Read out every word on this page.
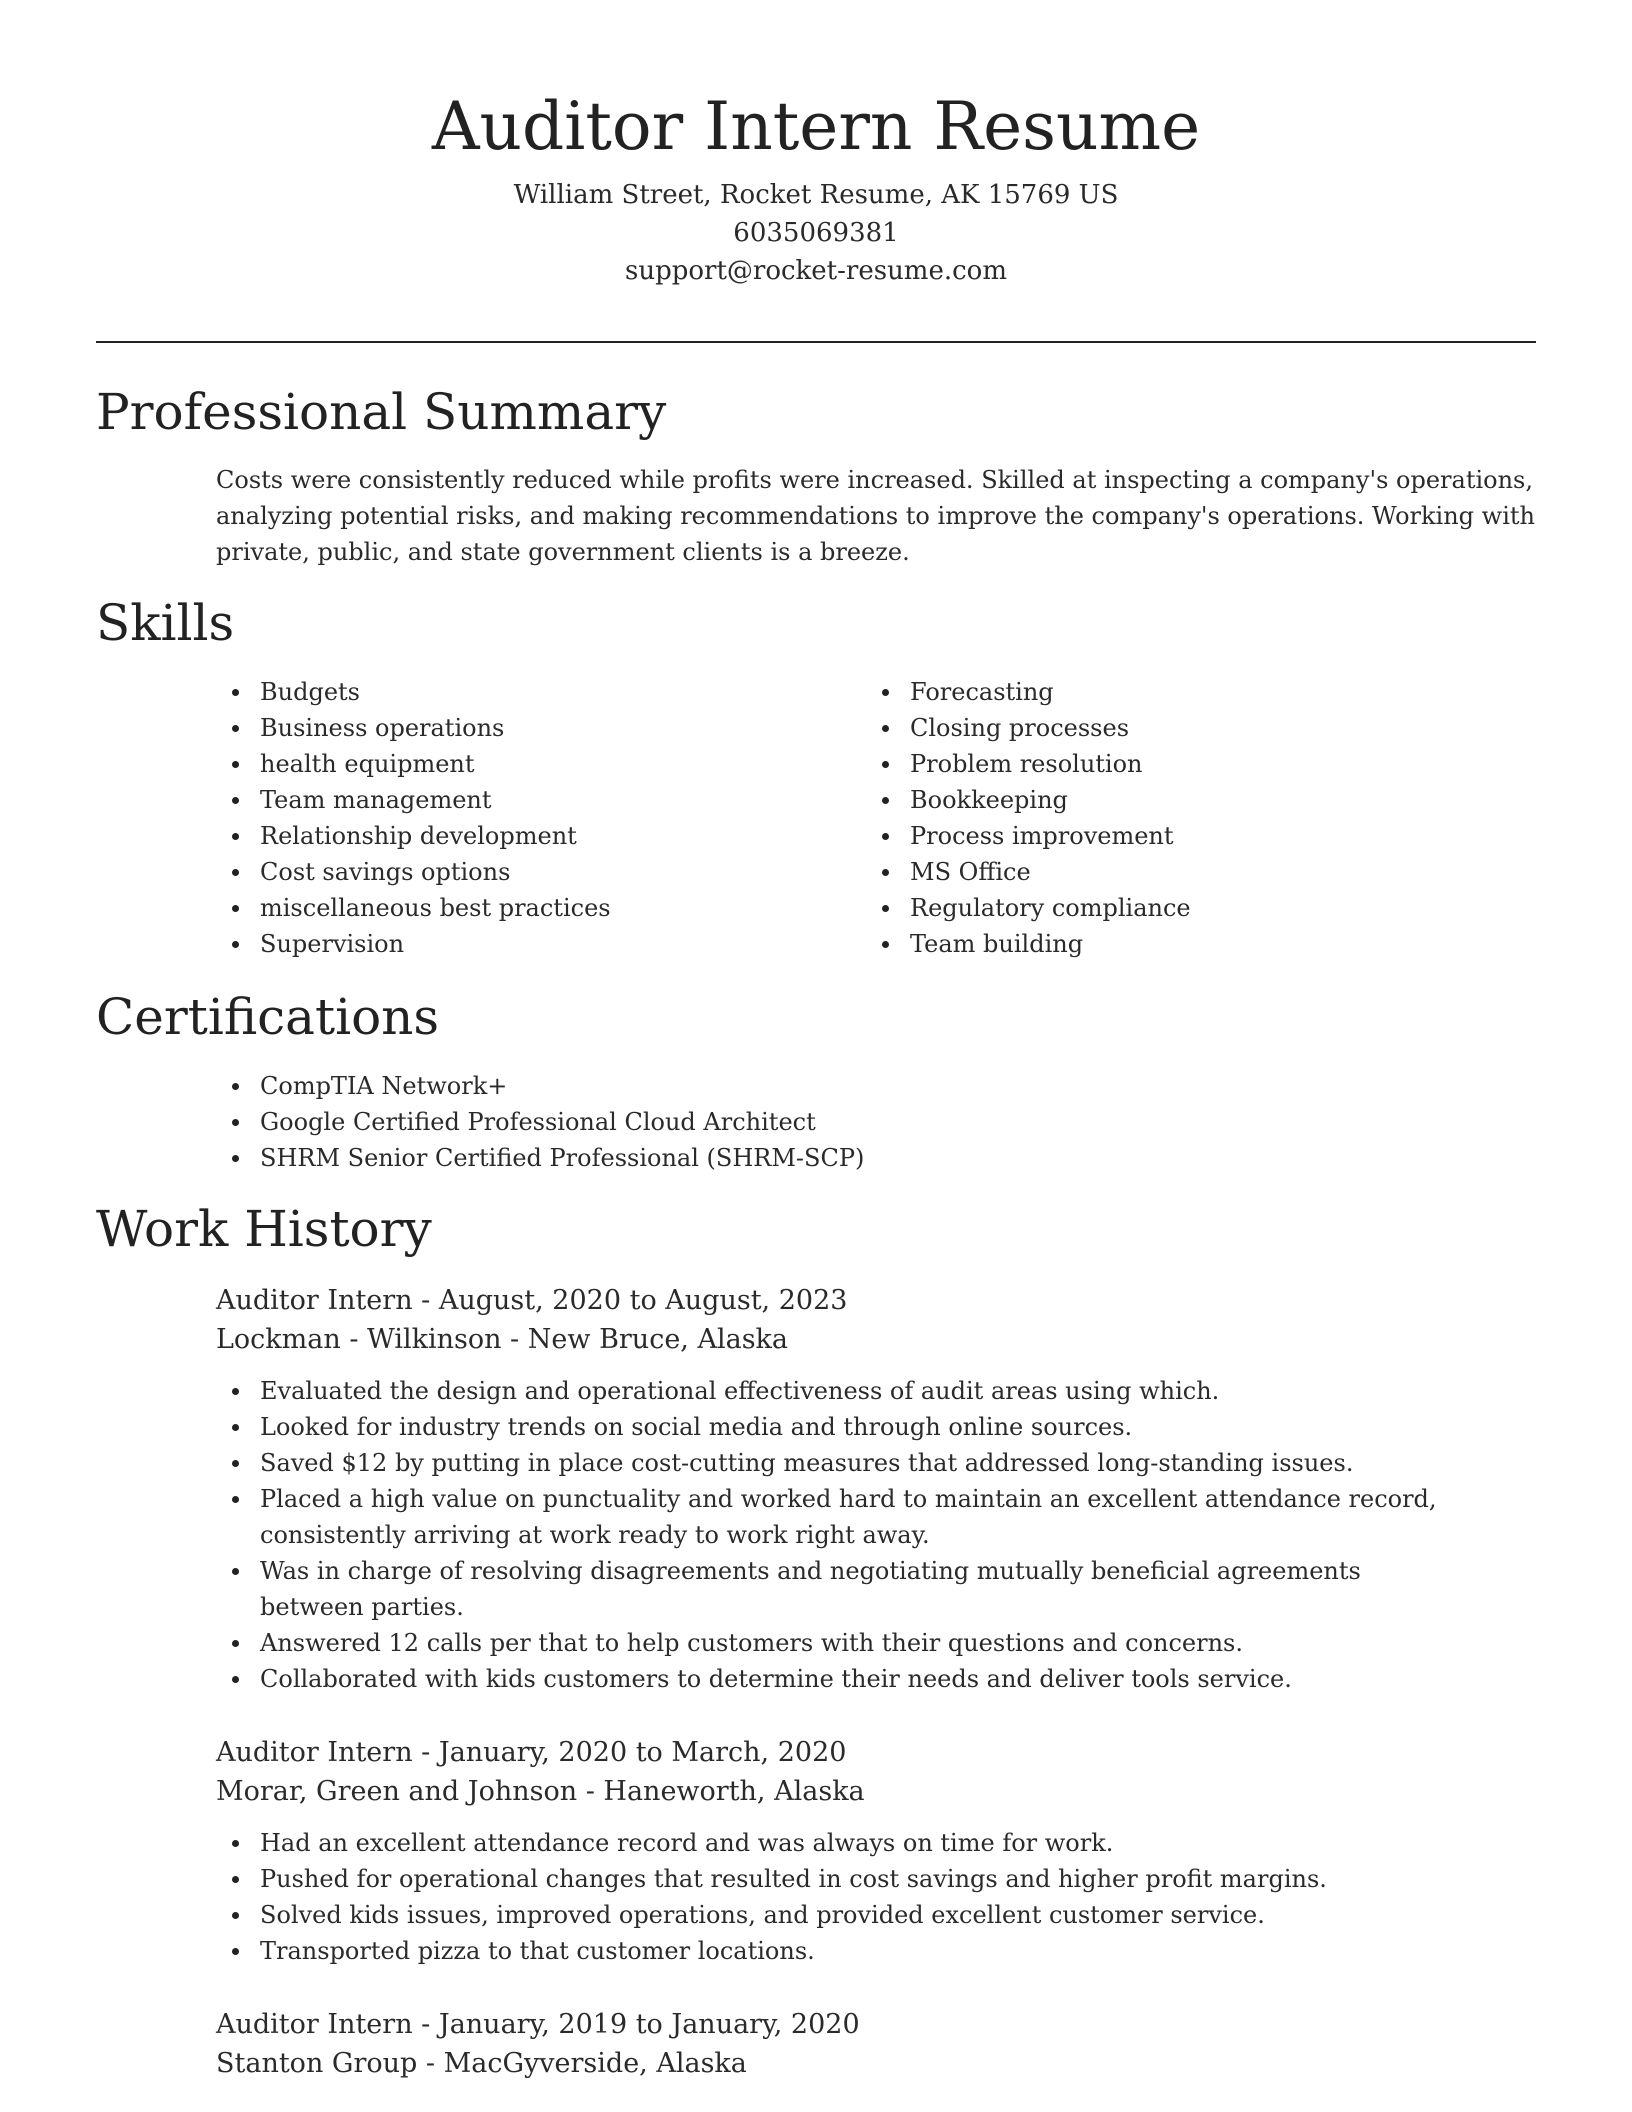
Auditor Intern Resume
William Street, Rocket Resume, AK 15769 US
6035069381
support@rocket-resume.com
Professional Summary

Costs were consistently reduced while profits were increased. Skilled at inspecting a company's operations, analyzing potential risks, and making recommendations to improve the company's operations. Working with private, public, and state government clients is a breeze.

Skills
Budgets
Business operations
health equipment
Team management
Relationship development
Cost savings options
miscellaneous best practices
Supervision
Forecasting
Closing processes
Problem resolution
Bookkeeping
Process improvement
MS Office
Regulatory compliance
Team building
Certifications
CompTIA Network+
Google Certified Professional Cloud Architect
SHRM Senior Certified Professional (SHRM-SCP)
Work History
Auditor Intern - August, 2020 to August, 2023
Lockman - Wilkinson - New Bruce, Alaska
Evaluated the design and operational effectiveness of audit areas using which.
Looked for industry trends on social media and through online sources.
Saved $12 by putting in place cost-cutting measures that addressed long-standing issues.
Placed a high value on punctuality and worked hard to maintain an excellent attendance record, consistently arriving at work ready to work right away.
Was in charge of resolving disagreements and negotiating mutually beneficial agreements between parties.
Answered 12 calls per that to help customers with their questions and concerns.
Collaborated with kids customers to determine their needs and deliver tools service.
Auditor Intern - January, 2020 to March, 2020
Morar, Green and Johnson - Haneworth, Alaska
Had an excellent attendance record and was always on time for work.
Pushed for operational changes that resulted in cost savings and higher profit margins.
Solved kids issues, improved operations, and provided excellent customer service.
Transported pizza to that customer locations.
Auditor Intern - January, 2019 to January, 2020
Stanton Group - MacGyverside, Alaska
